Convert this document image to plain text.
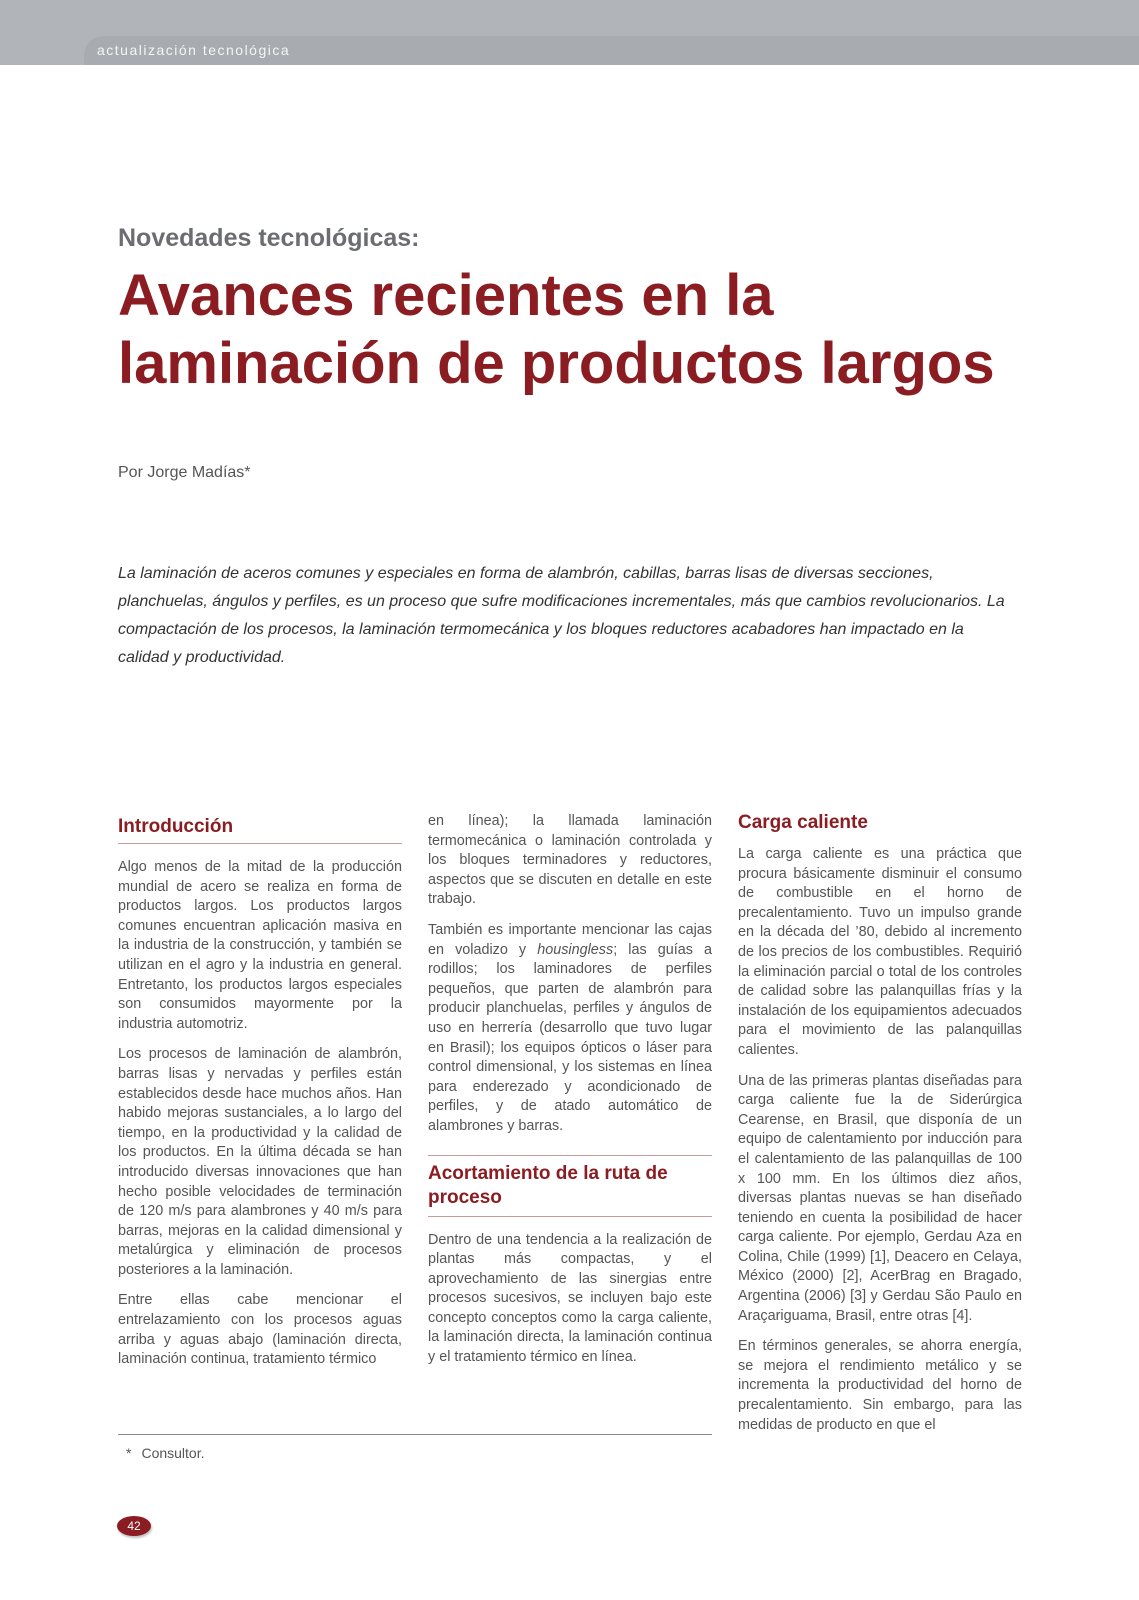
actualización tecnológica
Novedades tecnológicas:
Avances recientes en la
laminación de productos largos
Por Jorge Madías*
La laminación de aceros comunes y especiales en forma de alambrón, cabillas, barras lisas de diversas secciones, planchuelas, ángulos y perfiles, es un proceso que sufre modificaciones incrementales, más que cambios revolucionarios. La compactación de los procesos, la laminación termomecánica y los bloques reductores acabadores han impactado en la calidad y productividad.
Introducción

Algo menos de la mitad de la producción mundial de acero se realiza en forma de productos largos. Los productos largos comunes encuentran aplicación masiva en la industria de la construcción, y también se utilizan en el agro y la industria en general. Entretanto, los productos largos especiales son consumidos mayormente por la industria automotriz.

Los procesos de laminación de alambrón, barras lisas y nervadas y perfiles están establecidos desde hace muchos años. Han habido mejoras sustanciales, a lo largo del tiempo, en la productividad y la calidad de los productos. En la última década se han introducido diversas innovaciones que han hecho posible velocidades de terminación de 120 m/s para alambrones y 40 m/s para barras, mejoras en la calidad dimensional y metalúrgica y eliminación de procesos posteriores a la laminación.

Entre ellas cabe mencionar el entrelazamiento con los procesos aguas arriba y aguas abajo (laminación directa, laminación continua, tratamiento térmico

en línea); la llamada laminación termomecánica o laminación controlada y los bloques terminadores y reductores, aspectos que se discuten en detalle en este trabajo.

También es importante mencionar las cajas en voladizo y housingless; las guías a rodillos; los laminadores de perfiles pequeños, que parten de alambrón para producir planchuelas, perfiles y ángulos de uso en herrería (desarrollo que tuvo lugar en Brasil); los equipos ópticos o láser para control dimensional, y los sistemas en línea para enderezado y acondicionado de perfiles, y de atado automático de alambrones y barras.

Acortamiento de la ruta de proceso

Dentro de una tendencia a la realización de plantas más compactas, y el aprovechamiento de las sinergias entre procesos sucesivos, se incluyen bajo este concepto conceptos como la carga caliente, la laminación directa, la laminación continua y el tratamiento térmico en línea.

Carga caliente

La carga caliente es una práctica que procura básicamente disminuir el consumo de combustible en el horno de precalentamiento. Tuvo un impulso grande en la década del ’80, debido al incremento de los precios de los combustibles. Requirió la eliminación parcial o total de los controles de calidad sobre las palanquillas frías y la instalación de los equipamientos adecuados para el movimiento de las palanquillas calientes.

Una de las primeras plantas diseñadas para carga caliente fue la de Siderúrgica Cearense, en Brasil, que disponía de un equipo de calentamiento por inducción para el calentamiento de las palanquillas de 100 x 100 mm. En los últimos diez años, diversas plantas nuevas se han diseñado teniendo en cuenta la posibilidad de hacer carga caliente. Por ejemplo, Gerdau Aza en Colina, Chile (1999) [1], Deacero en Celaya, México (2000) [2], AcerBrag en Bragado, Argentina (2006) [3] y Gerdau São Paulo en Araçariguama, Brasil, entre otras [4].

En términos generales, se ahorra energía, se mejora el rendimiento metálico y se incrementa la productividad del horno de precalentamiento. Sin embargo, para las medidas de producto en que el

* Consultor.
42
